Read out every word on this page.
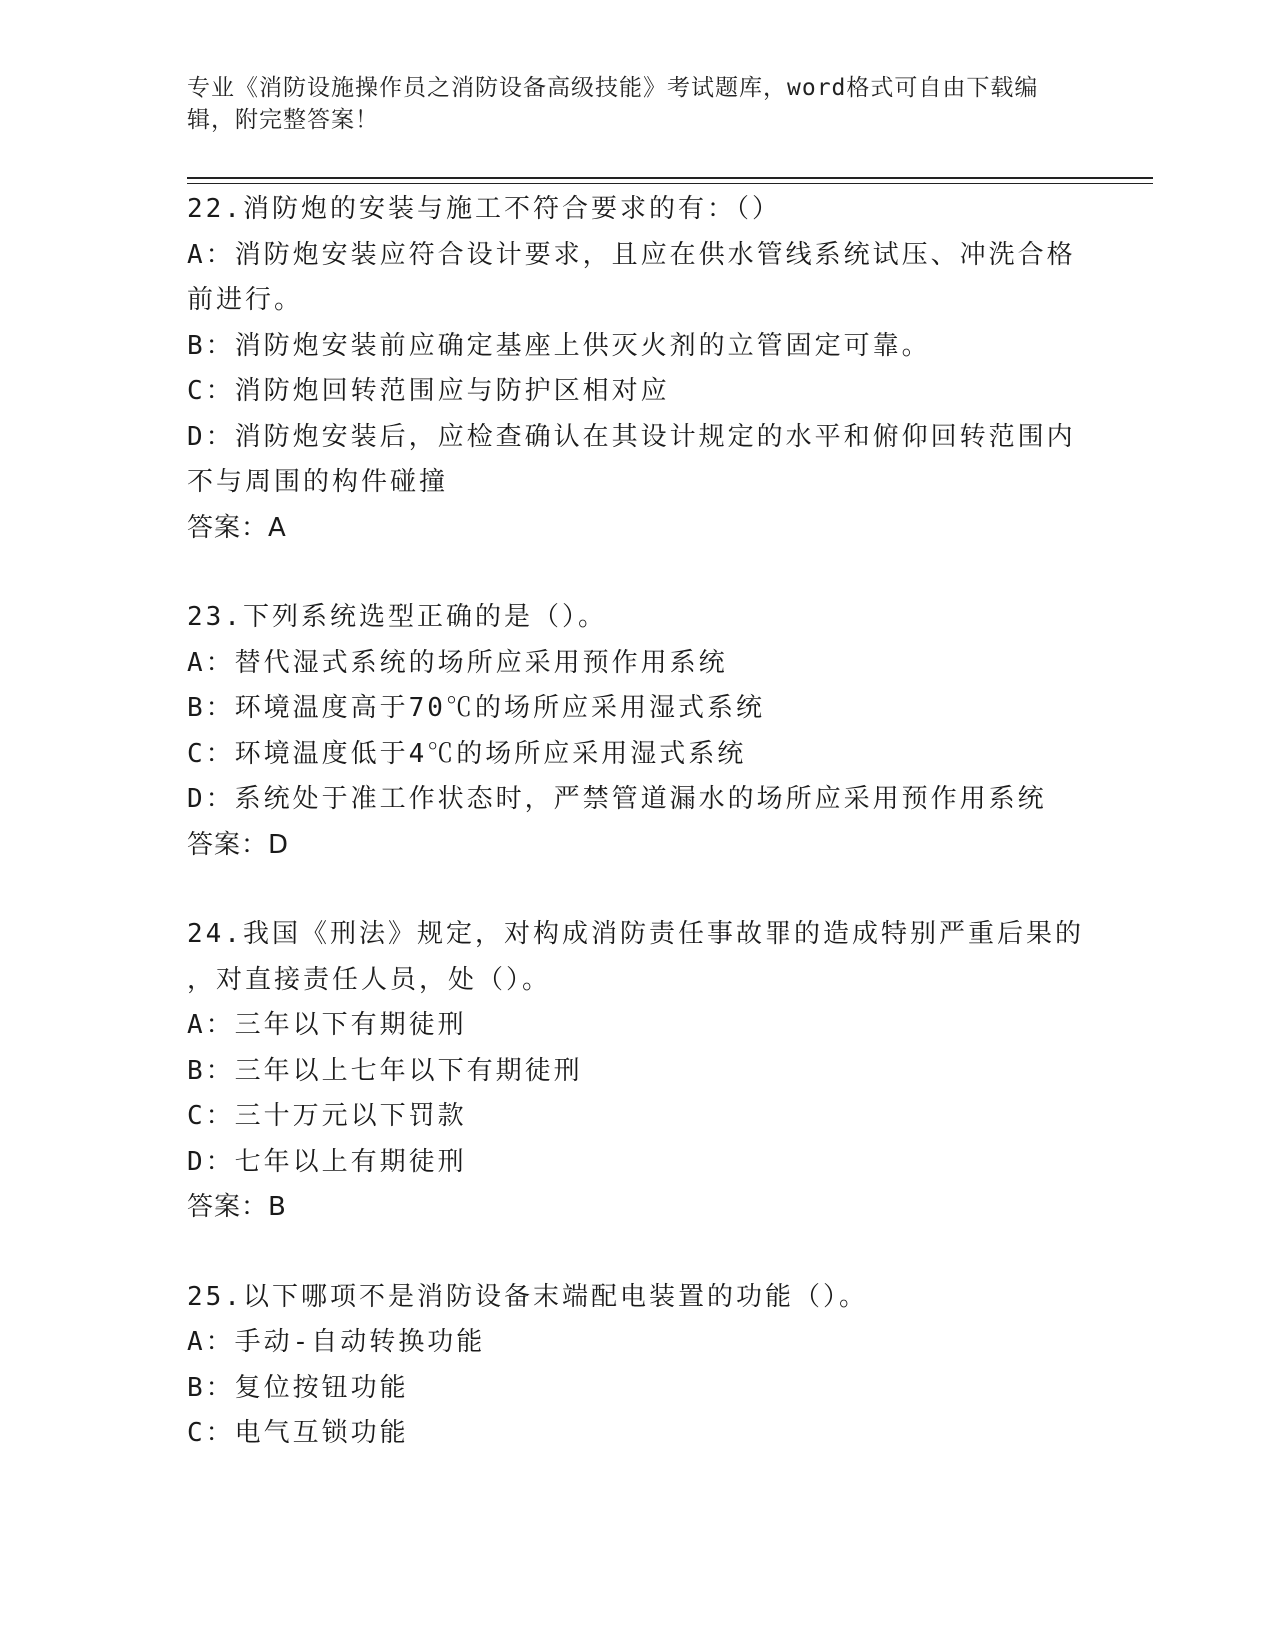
专业《消防设施操作员之消防设备高级技能》考试题库，word格式可自由下载编
辑，附完整答案！
22.消防炮的安装与施工不符合要求的有：（）
A：消防炮安装应符合设计要求，且应在供水管线系统试压、冲洗合格
前进行。
B：消防炮安装前应确定基座上供灭火剂的立管固定可靠。
C：消防炮回转范围应与防护区相对应
D：消防炮安装后，应检查确认在其设计规定的水平和俯仰回转范围内
不与周围的构件碰撞
答案：A
23.下列系统选型正确的是（）。
A：替代湿式系统的场所应采用预作用系统
B：环境温度高于70℃的场所应采用湿式系统
C：环境温度低于4℃的场所应采用湿式系统
D：系统处于准工作状态时，严禁管道漏水的场所应采用预作用系统
答案：D
24.我国《刑法》规定，对构成消防责任事故罪的造成特别严重后果的
，对直接责任人员，处（）。
A：三年以下有期徒刑
B：三年以上七年以下有期徒刑
C：三十万元以下罚款
D：七年以上有期徒刑
答案：B
25.以下哪项不是消防设备末端配电装置的功能（）。
A：手动-自动转换功能
B：复位按钮功能
C：电气互锁功能
